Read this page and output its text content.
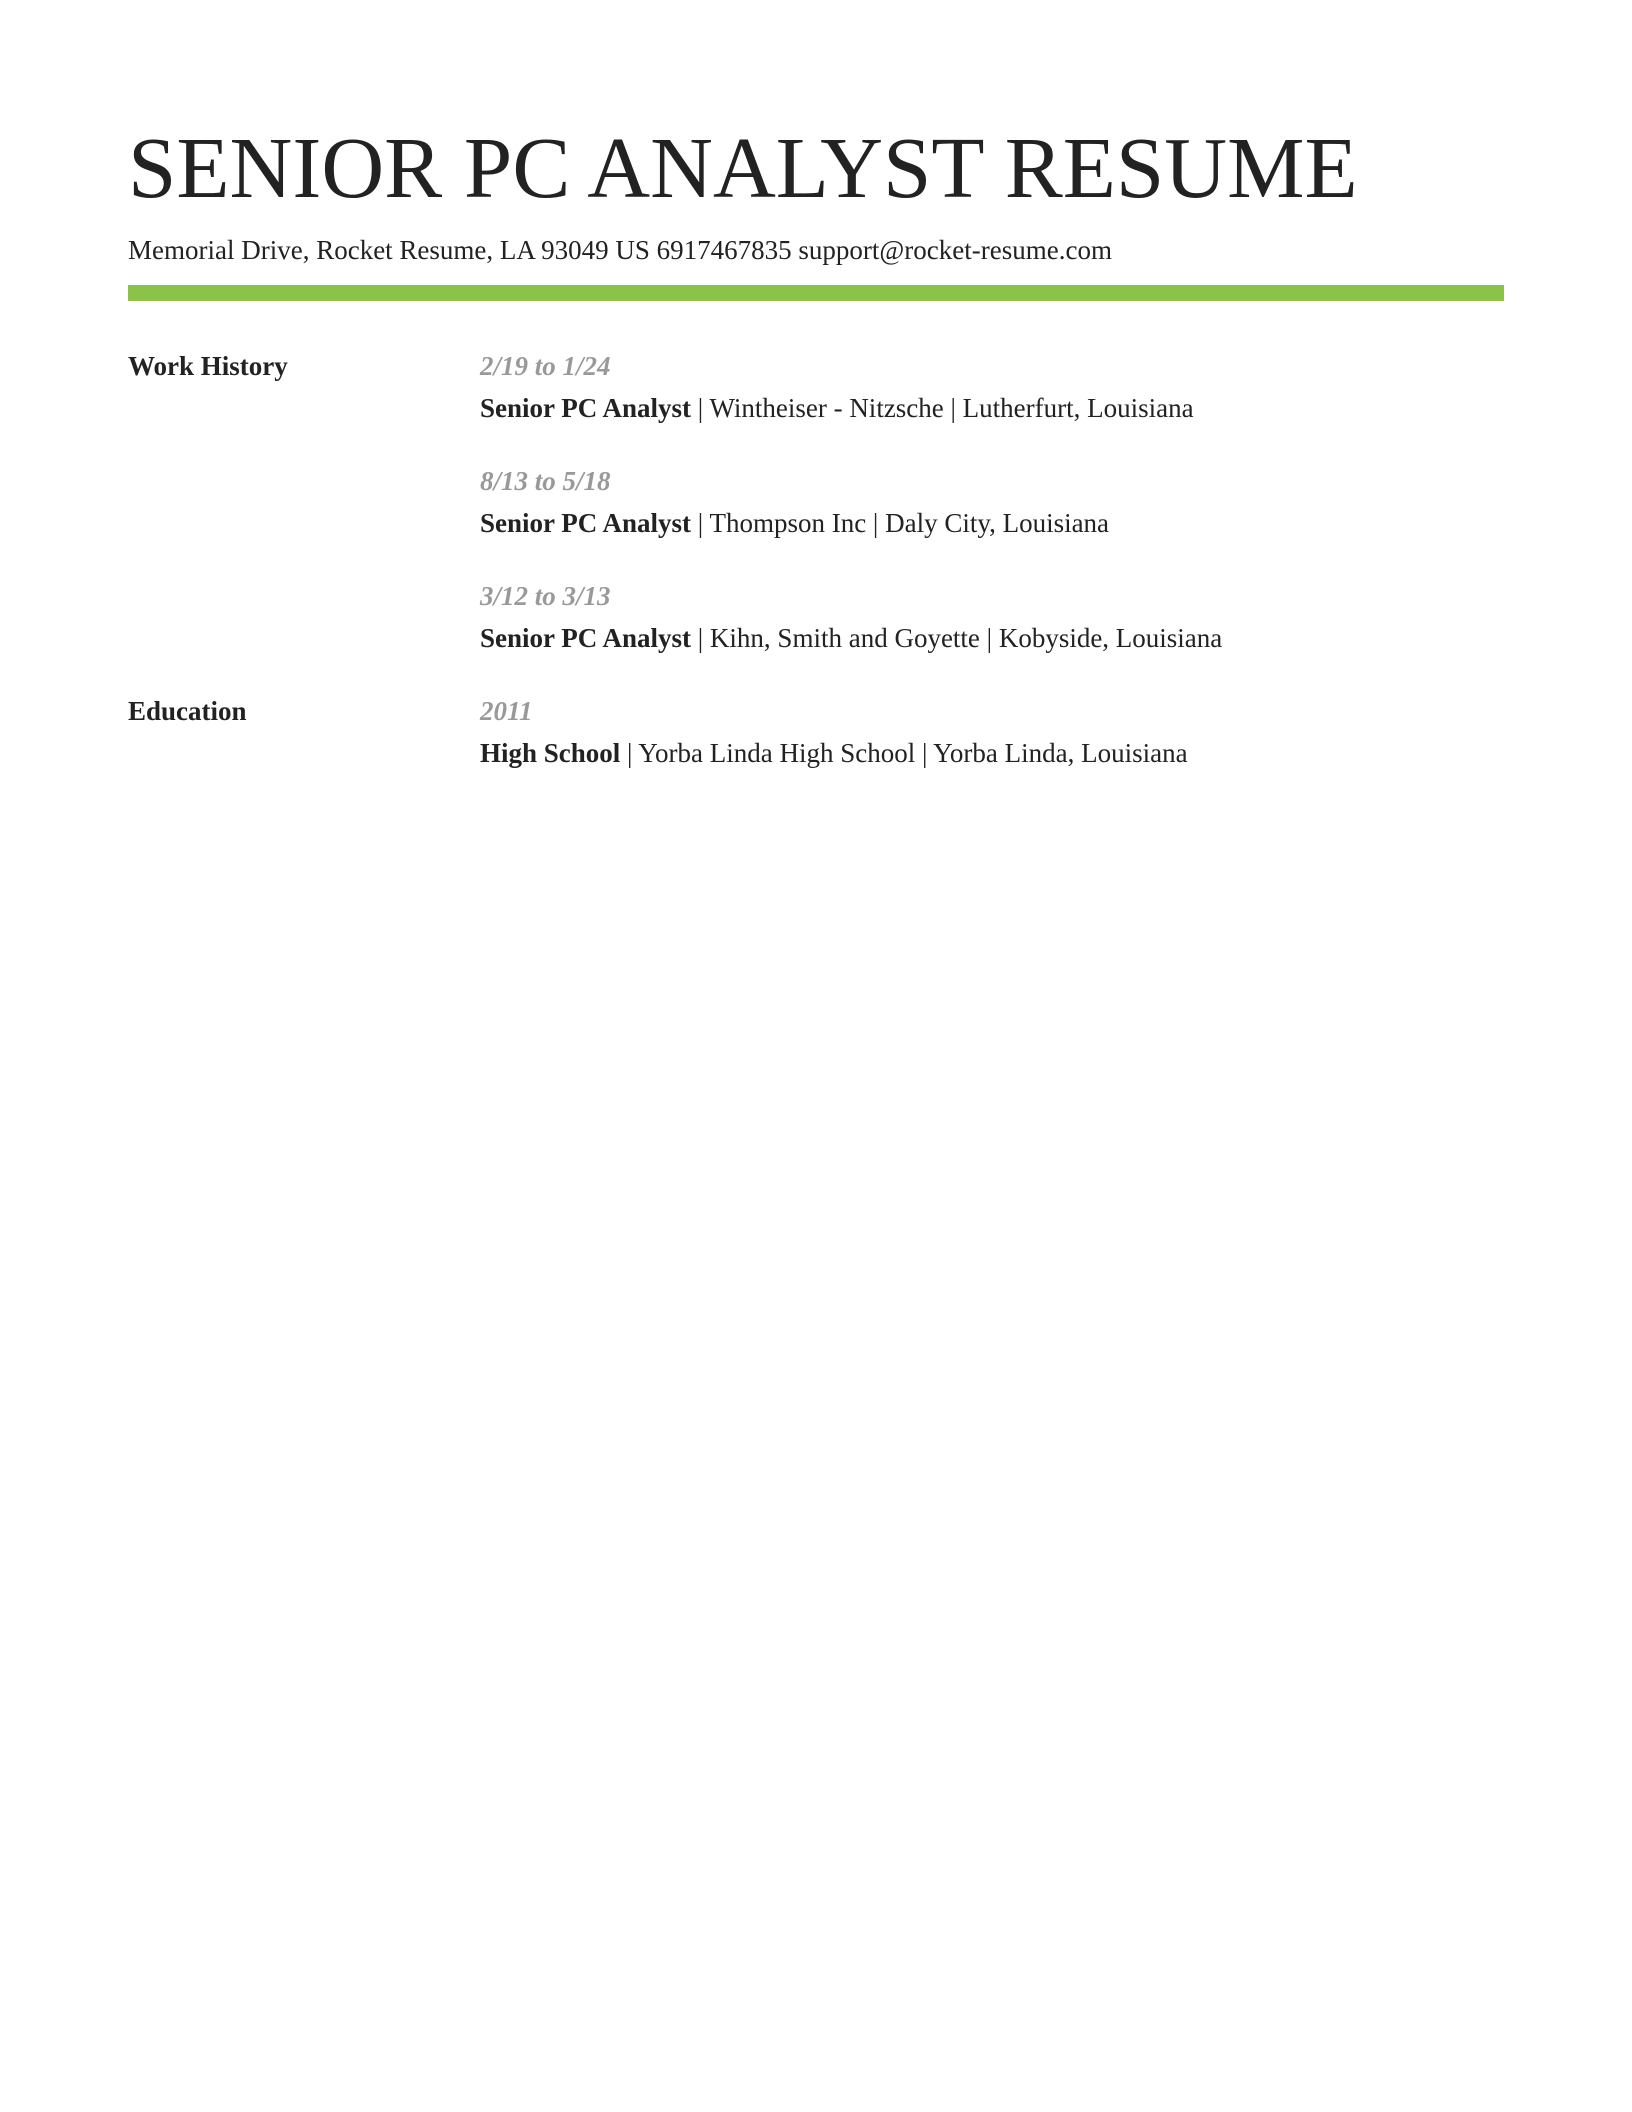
SENIOR PC ANALYST RESUME
Memorial Drive, Rocket Resume, LA 93049 US 6917467835 support@rocket-resume.com
Work History	2/19 to 1/24
Senior PC Analyst | Wintheiser - Nitzsche | Lutherfurt, Louisiana
8/13 to 5/18
Senior PC Analyst | Thompson Inc | Daly City, Louisiana
3/12 to 3/13
Senior PC Analyst | Kihn, Smith and Goyette | Kobyside, Louisiana
Education	2011
High School | Yorba Linda High School | Yorba Linda, Louisiana
